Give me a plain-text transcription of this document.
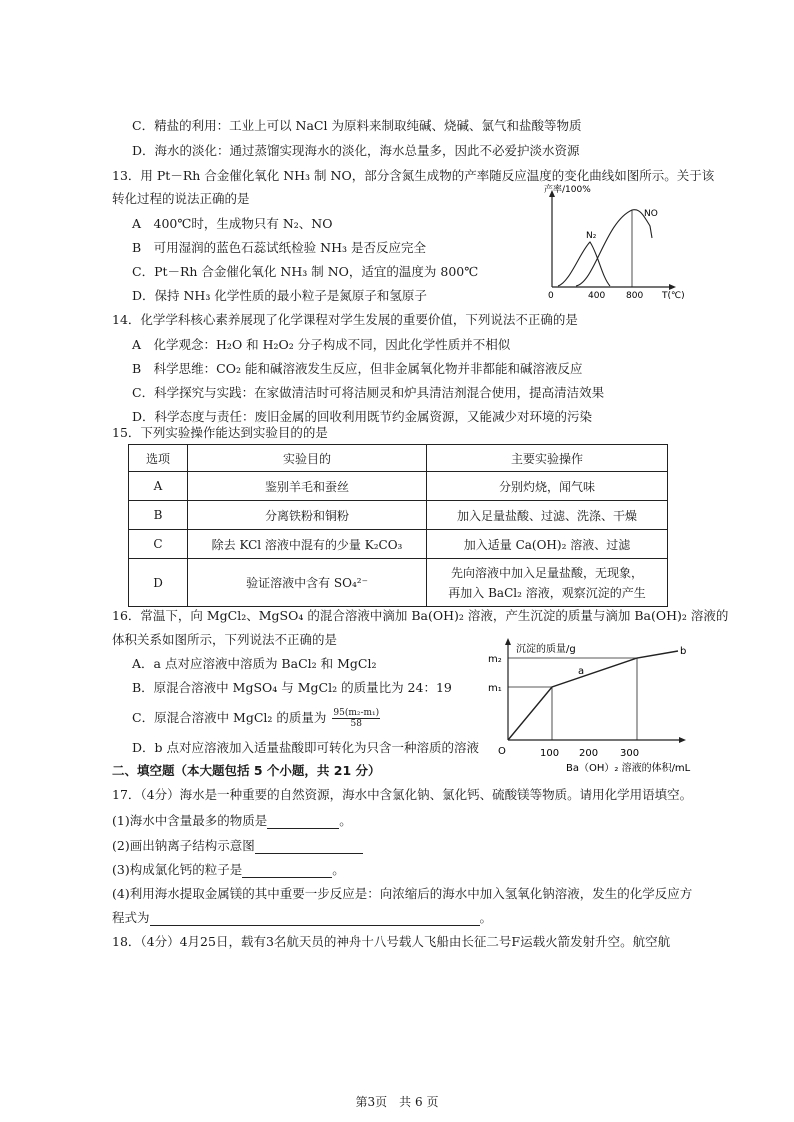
C．精盐的利用：工业上可以 NaCl 为原料来制取纯碱、烧碱、氯气和盐酸等物质
D．海水的淡化：通过蒸馏实现海水的淡化，海水总量多，因此不必爱护淡水资源
13．用 Pt－Rh 合金催化氧化 NH₃ 制 NO，部分含氮生成物的产率随反应温度的变化曲线如图所示。关于该
转化过程的说法正确的是
A　400℃时，生成物只有 N₂、NO
B　可用湿润的蓝色石蕊试纸检验 NH₃ 是否反应完全
C．Pt－Rh 合金催化氧化 NH₃ 制 NO，适宜的温度为 800℃
D．保持 NH₃ 化学性质的最小粒子是氮原子和氢原子
产率/100%
T(℃)
0	400 800
N₂
NO
14．化学学科核心素养展现了化学课程对学生发展的重要价值，下列说法不正确的是
A　化学观念：H₂O 和 H₂O₂ 分子构成不同，因此化学性质并不相似
B　科学思维：CO₂ 能和碱溶液发生反应，但非金属氧化物并非都能和碱溶液反应
C．科学探究与实践：在家做清洁时可将洁厕灵和炉具清洁剂混合使用，提高清洁效果
D．科学态度与责任：废旧金属的回收利用既节约金属资源，又能减少对环境的污染
15．下列实验操作能达到实验目的的是
选项	实验目的	主要实验操作
A	鉴别羊毛和蚕丝	分别灼烧，闻气味
B	分离铁粉和铜粉	加入足量盐酸、过滤、洗涤、干燥
C	除去 KCl 溶液中混有的少量 K₂CO₃	加入适量 Ca(OH)₂ 溶液、过滤
D	验证溶液中含有 SO₄²⁻	先向溶液中加入足量盐酸，无现象，
再加入 BaCl₂ 溶液，观察沉淀的产生
16．常温下，向 MgCl₂、MgSO₄ 的混合溶液中滴加 Ba(OH)₂ 溶液，产生沉淀的质量与滴加 Ba(OH)₂ 溶液的
体积关系如图所示，下列说法不正确的是
A．a 点对应溶液中溶质为 BaCl₂ 和 MgCl₂
B．原混合溶液中 MgSO₄ 与 MgCl₂ 的质量比为 24：19
C．原混合溶液中 MgCl₂ 的质量为 $\frac{\text{95(m₂-m₁)}}{58}$
D．b 点对应溶液加入适量盐酸即可转化为只含一种溶质的溶液
沉淀的质量/g
Ba（OH）₂ 溶液的体积/mL
O	100 200 300
m₂
m₁
a
b
二、填空题（本大题包括 5 个小题，共 21 分）
17．（4分）海水是一种重要的自然资源，海水中含氯化钠、氯化钙、硫酸镁等物质。请用化学用语填空。
(1)海水中含量最多的物质是	。
(2)画出钠离子结构示意图
(3)构成氯化钙的粒子是	。
(4)利用海水提取金属镁的其中重要一步反应是：向浓缩后的海水中加入氢氧化钠溶液，发生的化学反应方
程式为	。
18．（4分）4月25日，载有3名航天员的神舟十八号载人飞船由长征二号F运载火箭发射升空。航空航
第3页　共 6 页
